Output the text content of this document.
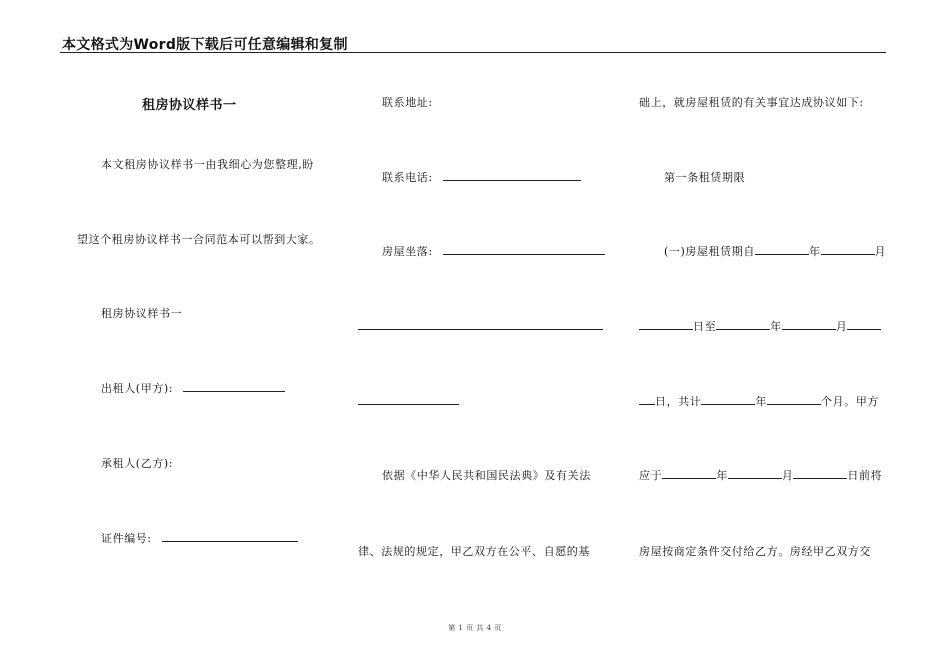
本文格式为Word版下载后可任意编辑和复制
租房协议样书一
本文租房协议样书一由我细心为您整理,盼
望这个租房协议样书一合同范本可以帮到大家。
租房协议样书一
出租人(甲方):
承租人(乙方):
证件编号:
联系地址:
联系电话:
房屋坐落:
依据《中华人民共和国民法典》及有关法
律、法规的规定，甲乙双方在公平、自愿的基
础上，就房屋租赁的有关事宜达成协议如下:
第一条租赁期限
(一)房屋租赁期自	年	月
日至	年	月
日，共计	年	个月。甲方
应于	年	月	日前将
房屋按商定条件交付给乙方。房经甲乙双方交
第 1 页 共 4 页
